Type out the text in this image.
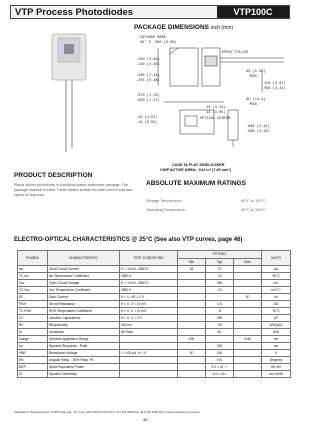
VTP Process Photodiodes	VTP100C
PACKAGE DIMENSIONS inch (mm)
CATHODE MARK
45° X .030 (0.80)
.150 (3.81)
.130 (3.30)
.285 (7.24)
.255 (6.48)
.070 (1.78)
.050 (1.27)
EPOXY FILLED
.20 (5.08)
MIN.
.105 (2.67)
.095 (2.41)
.45 (11.4)
MIN.
.18 (4.57)
.14 (3.55)
.18 (3.33)
.12 (3.05)
OPTICAL CENTER
.095 (2.41)
.085 (2.16)
CASE 52 FLAT SIDELOOKER
CHIP ACTIVE AREA: .012 in² (7.45 mm²)
PRODUCT DESCRIPTION
Planar silicon photodiode in a molded plastic sidelooker package. The package material is clear. These diodes exhibit low dark current and fast speed of response.
ABSOLUTE MAXIMUM RATINGS
Storage Temperature:	-40°C to 100°C
Operating Temperature:	-40°C to 100°C
ELECTRO-OPTICAL CHARACTERISTICS @ 25°C (See also VTP curves, page 46)
SYMBOL	CHARACTERISTIC	TEST CONDITIONS	VTP100C			UNITS
			Min	Typ	Max	
Isc	Short Circuit Current	H = 100 fc, 2850 K	55	70		µA
TC Isc	Isc Temperature Coefficient	2850 K		.12		%/°C
Voc	Open Circuit Voltage	H = 100 fc, 2850 K		350		mV
TC Voc	Voc Temperature Coefficient	2850 K		-2.0		mV/°C
ID	Dark Current	H = 0, VR = 2 V			30	nA
RSH	Shunt Resistance	H = 0, V = 10 mV		0.5		GΩ
TC RSH	RSH Temperature Coefficient	H = 0, V = 10 mV		-8		%/°C
CJ	Junction Capacitance	H = 0, V = 0 V		350		pF
Re	Responsivity	940 nm		.60		A/W(nm)
Sr	Sensitivity	@ Peak		50		A/W
λrange	Spectral Application Range		400		1150	nm
λp	Spectral Response - Peak			925		nm
VBR	Breakdown Voltage	I = 100 µA, H = 0	30	140		V
θ½	Angular Resp. - 50% Resp. Pt.			±70		Degrees
NEP	Noise Equivalent Power			9.0 x 10⁻¹⁴		W/√Hz
D*	Specific Detectivity			3.0 x 10¹²		cm√Hz/W
PerkinElmer Optoelectronics, 10900 Page Ave., St. Louis, MO 63132 USA Phone: 314-423-4900 Fax: 314-423-3956 Web: www.perkinelmer.com/opto
48
